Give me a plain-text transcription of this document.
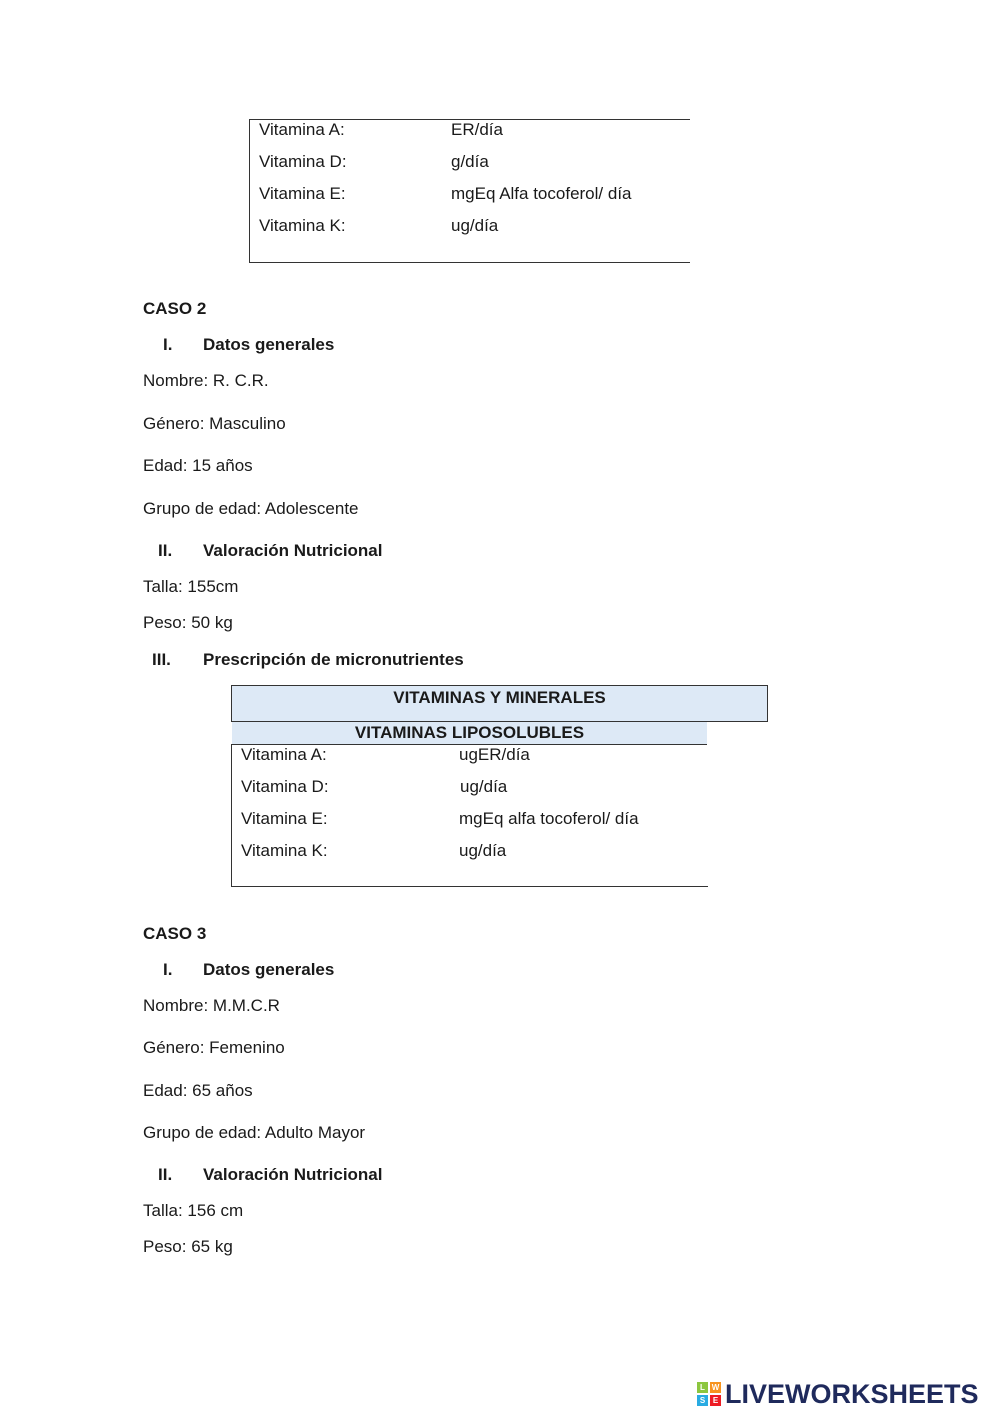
Vitamina A:	ER/día
Vitamina D:	g/día
Vitamina E:	mgEq Alfa tocoferol/ día
Vitamina K:	ug/día
CASO 2
I. Datos generales
Nombre: R. C.R.
Género: Masculino
Edad: 15 años
Grupo de edad: Adolescente
II. Valoración Nutricional
Talla: 155cm
Peso: 50 kg
III. Prescripción de micronutrientes
VITAMINAS Y MINERALES
VITAMINAS LIPOSOLUBLES
Vitamina A:	ugER/día
Vitamina D:	ug/día
Vitamina E:	mgEq alfa tocoferol/ día
Vitamina K:	ug/día
CASO 3
I. Datos generales
Nombre: M.M.C.R
Género: Femenino
Edad: 65 años
Grupo de edad: Adulto Mayor
II. Valoración Nutricional
Talla: 156 cm
Peso: 65 kg
L W
S E LIVEWORKSHEETS
